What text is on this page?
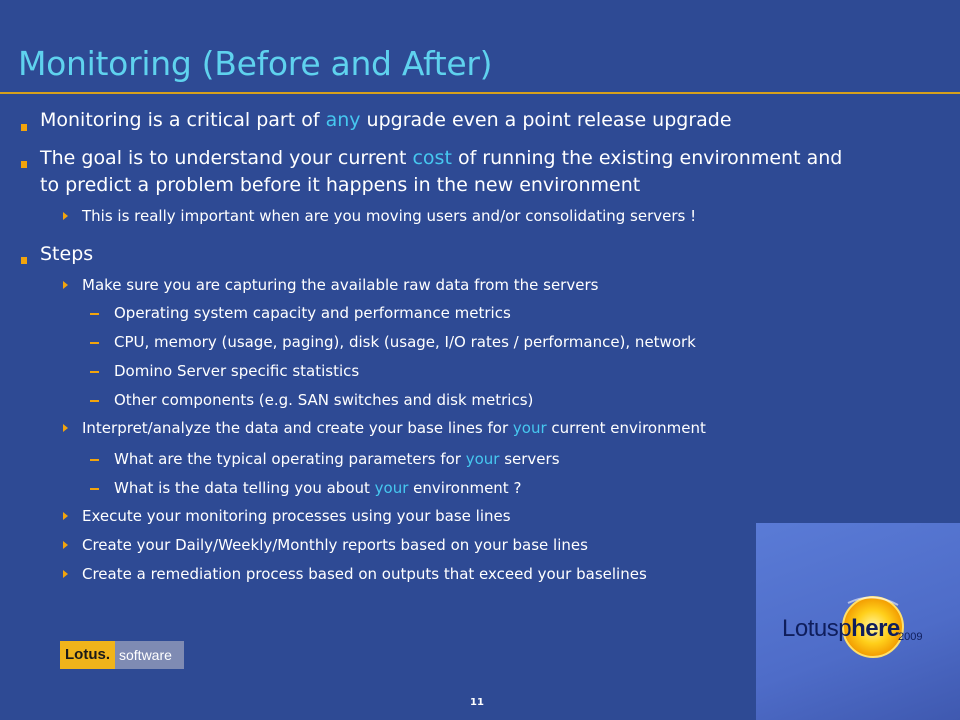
Monitoring (Before and After)
Monitoring is a critical part of any upgrade even a point release upgrade
The goal is to understand your current cost of running the existing environment and
to predict a problem before it happens in the new environment
This is really important when are you moving users and/or consolidating servers !
Steps
Make sure you are capturing the available raw data from the servers
Operating system capacity and performance metrics
CPU, memory (usage, paging), disk (usage, I/O rates / performance), network
Domino Server specific statistics
Other components (e.g. SAN switches and disk metrics)
Interpret/analyze the data and create your base lines for your current environment
What are the typical operating parameters for your servers
What is the data telling you about your environment ?
Execute your monitoring processes using your base lines
Create your Daily/Weekly/Monthly reports based on your base lines
Create a remediation process based on outputs that exceed your baselines
Lotus. software
Lotusphere
2009
11
